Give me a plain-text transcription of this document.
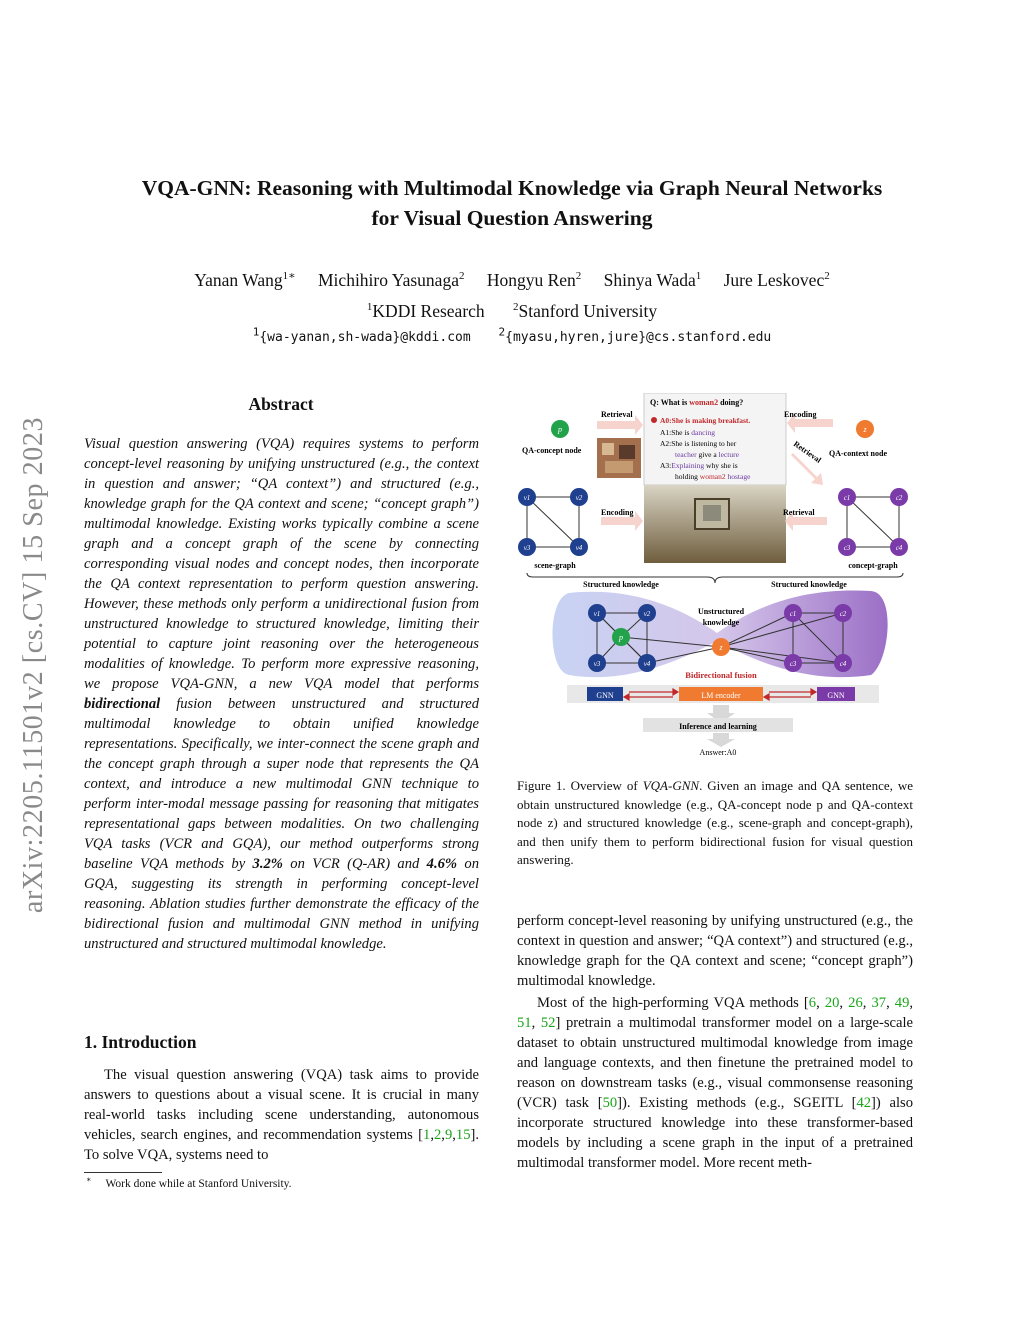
VQA-GNN: Reasoning with Multimodal Knowledge via Graph Neural Networks
for Visual Question Answering
Yanan Wang$^{1∗}$ Michihiro Yasunaga$^2$ Hongyu Ren$^2$ Shinya Wada$^1$ Jure Leskovec$^2$
$^1$KDDI Research	$^2$Stanford University
$^1${wa-yanan,sh-wada}@kddi.com	$^2${myasu,hyren,jure}@cs.stanford.edu
arXiv:2205.11501v2 [cs.CV] 15 Sep 2023
Abstract
Visual question answering (VQA) requires systems to perform concept-level reasoning by unifying unstructured (e.g., the context in question and answer; “QA context”) and structured (e.g., knowledge graph for the QA context and scene; “concept graph”) multimodal knowledge. Existing works typically combine a scene graph and a concept graph of the scene by connecting corresponding visual nodes and concept nodes, then incorporate the QA context representation to perform question answering. However, these methods only perform a unidirectional fusion from unstructured knowledge to structured knowledge, limiting their potential to capture joint reasoning over the heterogeneous modalities of knowledge. To perform more expressive reasoning, we propose VQA-GNN, a new VQA model that performs bidirectional fusion between unstructured and structured multimodal knowledge to obtain unified knowledge representations. Specifically, we inter-connect the scene graph and the concept graph through a super node that represents the QA context, and introduce a new multimodal GNN technique to perform inter-modal message passing for reasoning that mitigates representational gaps between modalities. On two challenging VQA tasks (VCR and GQA), our method outperforms strong baseline VQA methods by 3.2% on VCR (Q-AR) and 4.6% on GQA, suggesting its strength in performing concept-level reasoning. Ablation studies further demonstrate the efficacy of the bidirectional fusion and multimodal GNN method in unifying unstructured and structured multimodal knowledge.
1. Introduction
The visual question answering (VQA) task aims to provide answers to questions about a visual scene. It is crucial in many real-world tasks including scene understanding, autonomous vehicles, search engines, and recommendation systems [1,2,9,15]. To solve VQA, systems need to
∗ Work done while at Stanford University.
Q: What is woman2 doing?
A0:She is making breakfast.
A1:She is dancing
A2:She is listening to her
teacher give a lecture
A3:Explaining why she is
holding woman2 hostage
Retrieval	Encoding
Retrieval
Encoding	Retrieval
p
QA-concept node
z
QA-context node
v1	v2
v3	v4
scene-graph
c1	c2
c3	c4
concept-graph
Structured knowledge	Structured knowledge
v1	v2
v3	v4
p
z
c1	c2
c3	c4
Unstructured
knowledge
Bidirectional fusion
GNN	LM encoder	GNN
Inference and learning
Answer:A0
Figure 1. Overview of VQA-GNN. Given an image and QA sentence, we obtain unstructured knowledge (e.g., QA-concept node p and QA-context node z) and structured knowledge (e.g., scene-graph and concept-graph), and then unify them to perform bidirectional fusion for visual question answering.
perform concept-level reasoning by unifying unstructured (e.g., the context in question and answer; “QA context”) and structured (e.g., knowledge graph for the QA context and scene; “concept graph”) multimodal knowledge.
Most of the high-performing VQA methods [6, 20, 26, 37, 49, 51, 52] pretrain a multimodal transformer model on a large-scale dataset to obtain unstructured multimodal knowledge from image and language contexts, and then finetune the pretrained model to reason on downstream tasks (e.g., visual commonsense reasoning (VCR) task [50]). Existing methods (e.g., SGEITL [42]) also incorporate structured knowledge into these transformer-based models by including a scene graph in the input of a pretrained multimodal transformer model. More recent meth-
